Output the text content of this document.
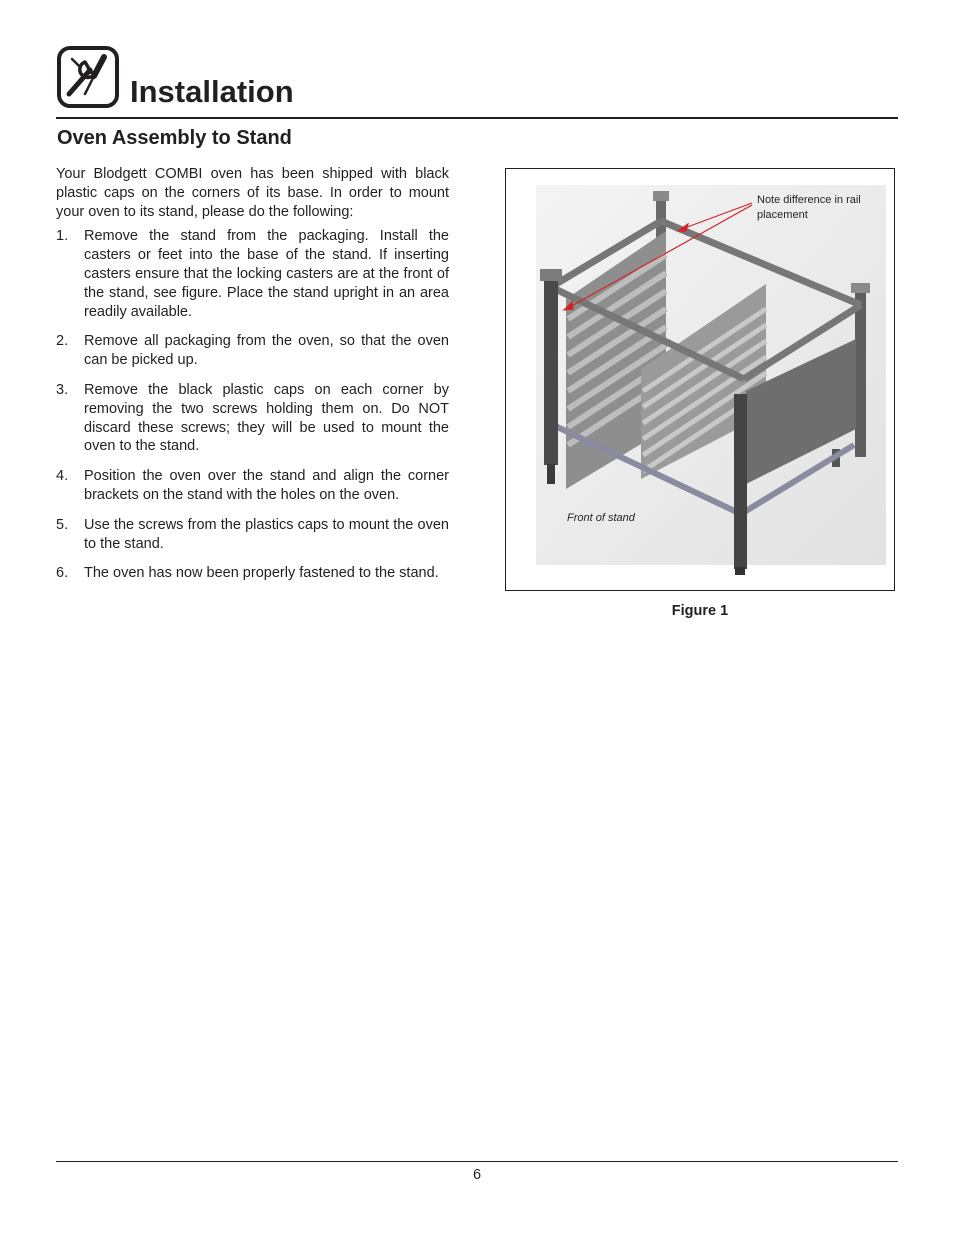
Installation
Oven Assembly to Stand

Your Blodgett COMBI oven has been shipped with black plastic caps on the corners of its base. In order to mount your oven to its stand, please do the following:

1. Remove the stand from the packaging. Install the casters or feet into the base of the stand. If inserting casters ensure that the locking casters are at the front of the stand, see figure. Place the stand upright in an area readily available.
2. Remove all packaging from the oven, so that the oven can be picked up.
3. Remove the black plastic caps on each corner by removing the two screws holding them on. Do NOT discard these screws; they will be used to mount the oven to the stand.
4. Position the oven over the stand and align the corner brackets on the stand with the holes on the oven.
5. Use the screws from the plastics caps to mount the oven to the stand.
6. The oven has now been properly fastened to the stand.
Note difference in rail placement
Front of stand
Figure 1
6
